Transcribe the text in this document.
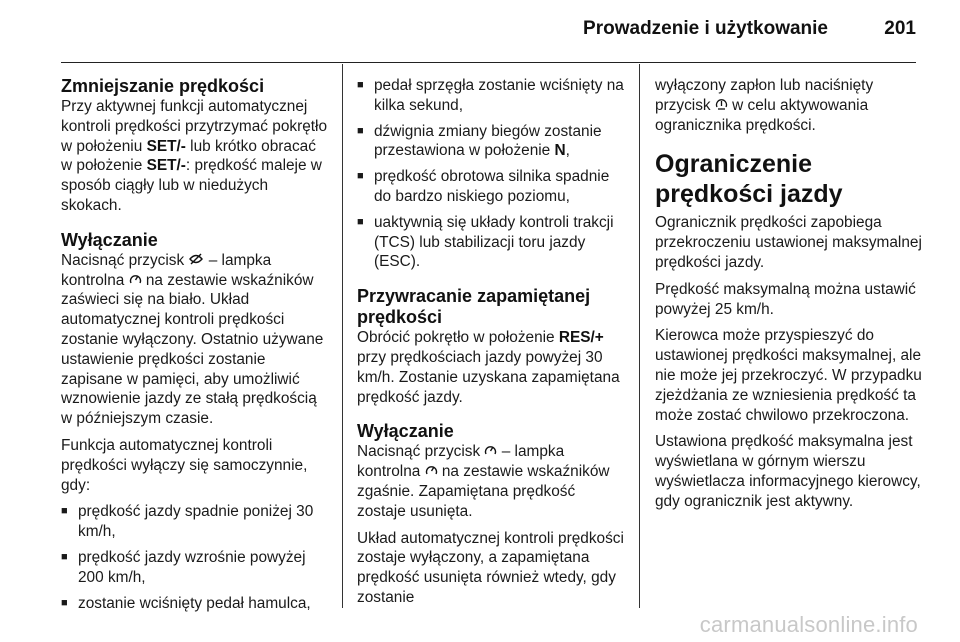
Prowadzenie i użytkowanie	201
Zmniejszanie prędkości

Przy aktywnej funkcji automatycznej kontroli prędkości przytrzymać pokrętło w położeniu SET/- lub krótko obracać w położenie SET/-: prędkość maleje w sposób ciągły lub w niedużych skokach.

Wyłączanie

Nacisnąć przycisk  – lampka kontrolna  na zestawie wskaźników zaświeci się na biało. Układ automatycznej kontroli prędkości zostanie wyłączony. Ostatnio używane ustawienie prędkości zostanie zapisane w pamięci, aby umożliwić wznowienie jazdy ze stałą prędkością w późniejszym czasie.

Funkcja automatycznej kontroli prędkości wyłączy się samoczynnie, gdy:

■ prędkość jazdy spadnie poniżej 30 km/h,
■ prędkość jazdy wzrośnie powyżej 200 km/h,
■ zostanie wciśnięty pedał hamulca,
■ pedał sprzęgła zostanie wciśnięty na kilka sekund,
■ dźwignia zmiany biegów zostanie przestawiona w położenie N,
■ prędkość obrotowa silnika spadnie do bardzo niskiego poziomu,
■ uaktywnią się układy kontroli trakcji (TCS) lub stabilizacji toru jazdy (ESC).
Przywracanie zapamiętanej prędkości

Obrócić pokrętło w położenie RES/+ przy prędkościach jazdy powyżej 30 km/h. Zostanie uzyskana zapamiętana prędkość jazdy.

Wyłączanie

Nacisnąć przycisk  – lampka kontrolna  na zestawie wskaźników zgaśnie. Zapamiętana prędkość zostaje usunięta.

Układ automatycznej kontroli prędkości zostaje wyłączony, a zapamiętana prędkość usunięta również wtedy, gdy zostanie

wyłączony zapłon lub naciśnięty przycisk  w celu aktywowania ogranicznika prędkości.

Ograniczenie prędkości jazdy

Ogranicznik prędkości zapobiega przekroczeniu ustawionej maksymalnej prędkości jazdy.

Prędkość maksymalną można ustawić powyżej 25 km/h.

Kierowca może przyspieszyć do ustawionej prędkości maksymalnej, ale nie może jej przekroczyć. W przypadku zjeżdżania ze wzniesienia prędkość ta może zostać chwilowo przekroczona.

Ustawiona prędkość maksymalna jest wyświetlana w górnym wierszu wyświetlacza informacyjnego kierowcy, gdy ogranicznik jest aktywny.

carmanualsonline.info
